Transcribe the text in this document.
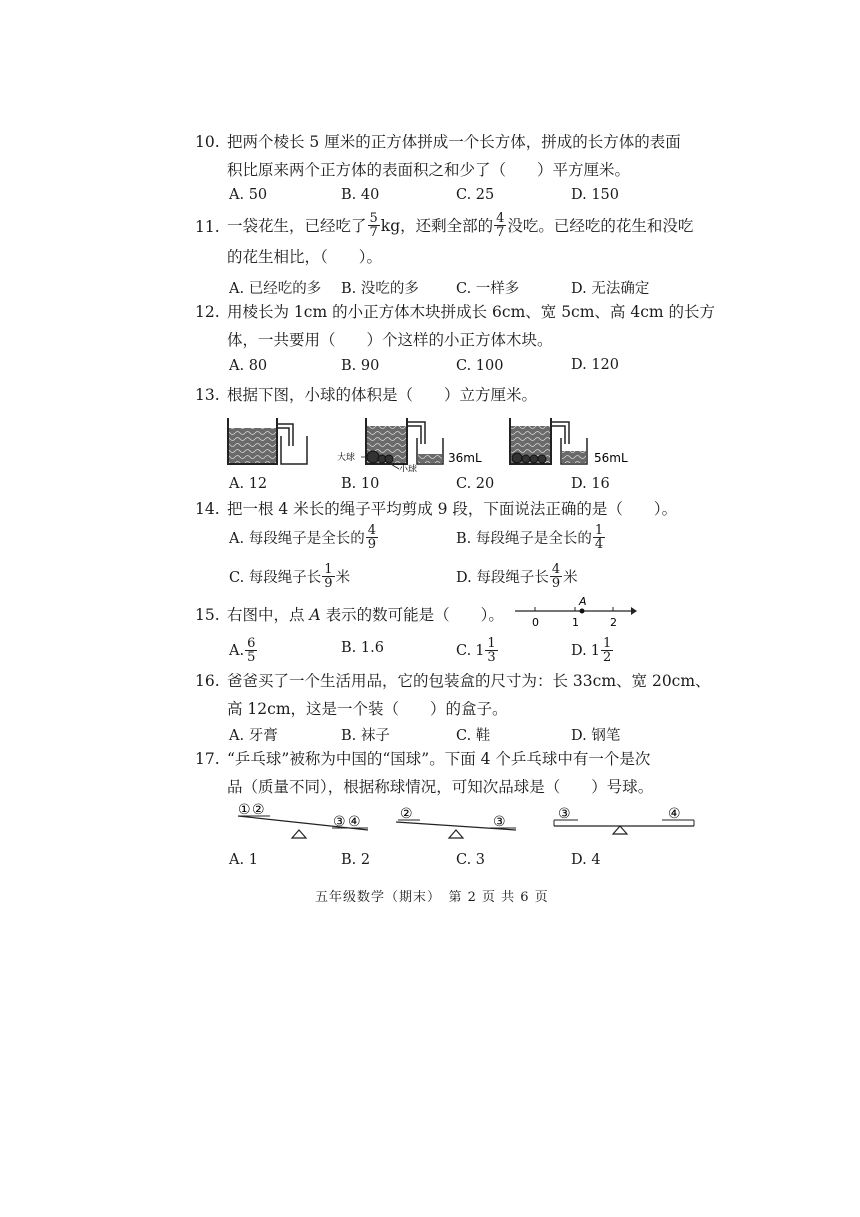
10. 把两个棱长 5 厘米的正方体拼成一个长方体，拼成的长方体的表面
积比原来两个正方体的表面积之和少了（　　）平方厘米。
A. 50	B. 40	C. 25	D. 150
11. 一袋花生，已经吃了 $\frac{5}{7}$ kg，还剩全部的 $\frac{4}{7}$ 没吃。已经吃的花生和没吃
的花生相比，（　　）。
A. 已经吃的多 B. 没吃的多	C. 一样多	D. 无法确定
12. 用棱长为 1cm 的小正方体木块拼成长 6cm、宽 5cm、高 4cm 的长方
体，一共要用（　　）个这样的小正方体木块。
A. 80	B. 90	C. 100	D. 120
13. 根据下图，小球的体积是（　　）立方厘米。
大球
小球
36mL	56mL
A. 12	B. 10	C. 20	D. 16
14. 把一根 4 米长的绳子平均剪成 9 段，下面说法正确的是（　　）。
A. 每段绳子是全长的 $\frac{4}{9}$	B. 每段绳子是全长的 $\frac{1}{4}$
C. 每段绳子长 $\frac{1}{9}$ 米	D. 每段绳子长 $\frac{4}{9}$ 米
15. 右图中，点 A 表示的数可能是（　　）。
A
0	1	2
A. $\frac{6}{5}$	B. 1.6	C. $1 \frac{1}{3}$	D. $1 \frac{1}{2}$
16. 爸爸买了一个生活用品，它的包装盒的尺寸为：长 33cm、宽 20cm、
高 12cm，这是一个装（　　）的盒子。
A. 牙膏	B. 袜子	C. 鞋	D. 钢笔
17. “乒乓球”被称为中国的“国球”。下面 4 个乒乓球中有一个是次
品（质量不同），根据称球情况，可知次品球是（　　）号球。
① ②
③ ④	②	③	③	④
A. 1	B. 2	C. 3	D. 4
五年级数学（期末）　第 2 页 共 6 页
